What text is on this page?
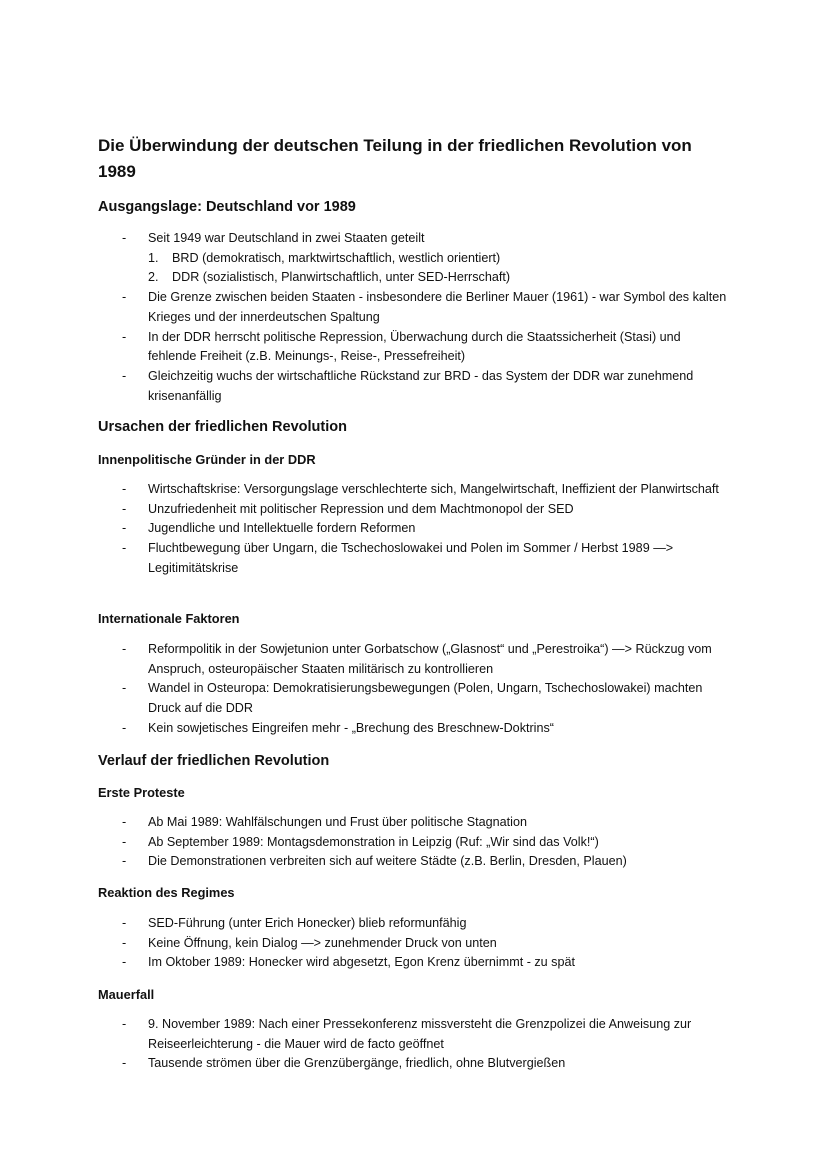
Die Überwindung der deutschen Teilung in der friedlichen Revolution von 1989
Ausgangslage: Deutschland vor 1989
- Seit 1949 war Deutschland in zwei Staaten geteilt
1. BRD (demokratisch, marktwirtschaftlich, westlich orientiert)
2. DDR (sozialistisch, Planwirtschaftlich, unter SED-Herrschaft)
- Die Grenze zwischen beiden Staaten - insbesondere die Berliner Mauer (1961) - war Symbol des kalten Krieges und der innerdeutschen Spaltung
- In der DDR herrscht politische Repression, Überwachung durch die Staatssicherheit (Stasi) und fehlende Freiheit (z.B. Meinungs-, Reise-, Pressefreiheit)
- Gleichzeitig wuchs der wirtschaftliche Rückstand zur BRD - das System der DDR war zunehmend krisenanfällig
Ursachen der friedlichen Revolution
Innenpolitische Gründer in der DDR
- Wirtschaftskrise: Versorgungslage verschlechterte sich, Mangelwirtschaft, Ineffizient der Planwirtschaft
- Unzufriedenheit mit politischer Repression und dem Machtmonopol der SED
- Jugendliche und Intellektuelle fordern Reformen
- Fluchtbewegung über Ungarn, die Tschechoslowakei und Polen im Sommer / Herbst 1989 —> Legitimitätskrise
Internationale Faktoren
- Reformpolitik in der Sowjetunion unter Gorbatschow („Glasnost“ und „Perestroika“) —> Rückzug vom Anspruch, osteuropäischer Staaten militärisch zu kontrollieren
- Wandel in Osteuropa: Demokratisierungsbewegungen (Polen, Ungarn, Tschechoslowakei) machten Druck auf die DDR
- Kein sowjetisches Eingreifen mehr - „Brechung des Breschnew-Doktrins“
Verlauf der friedlichen Revolution
Erste Proteste
- Ab Mai 1989: Wahlfälschungen und Frust über politische Stagnation
- Ab September 1989: Montagsdemonstration in Leipzig (Ruf: „Wir sind das Volk!“)
- Die Demonstrationen verbreiten sich auf weitere Städte (z.B. Berlin, Dresden, Plauen)
Reaktion des Regimes
- SED-Führung (unter Erich Honecker) blieb reformunfähig
- Keine Öffnung, kein Dialog —> zunehmender Druck von unten
- Im Oktober 1989: Honecker wird abgesetzt, Egon Krenz übernimmt - zu spät
Mauerfall
- 9. November 1989: Nach einer Pressekonferenz missversteht die Grenzpolizei die Anweisung zur Reiseerleichterung - die Mauer wird de facto geöffnet
- Tausende strömen über die Grenzübergänge, friedlich, ohne Blutvergießen
